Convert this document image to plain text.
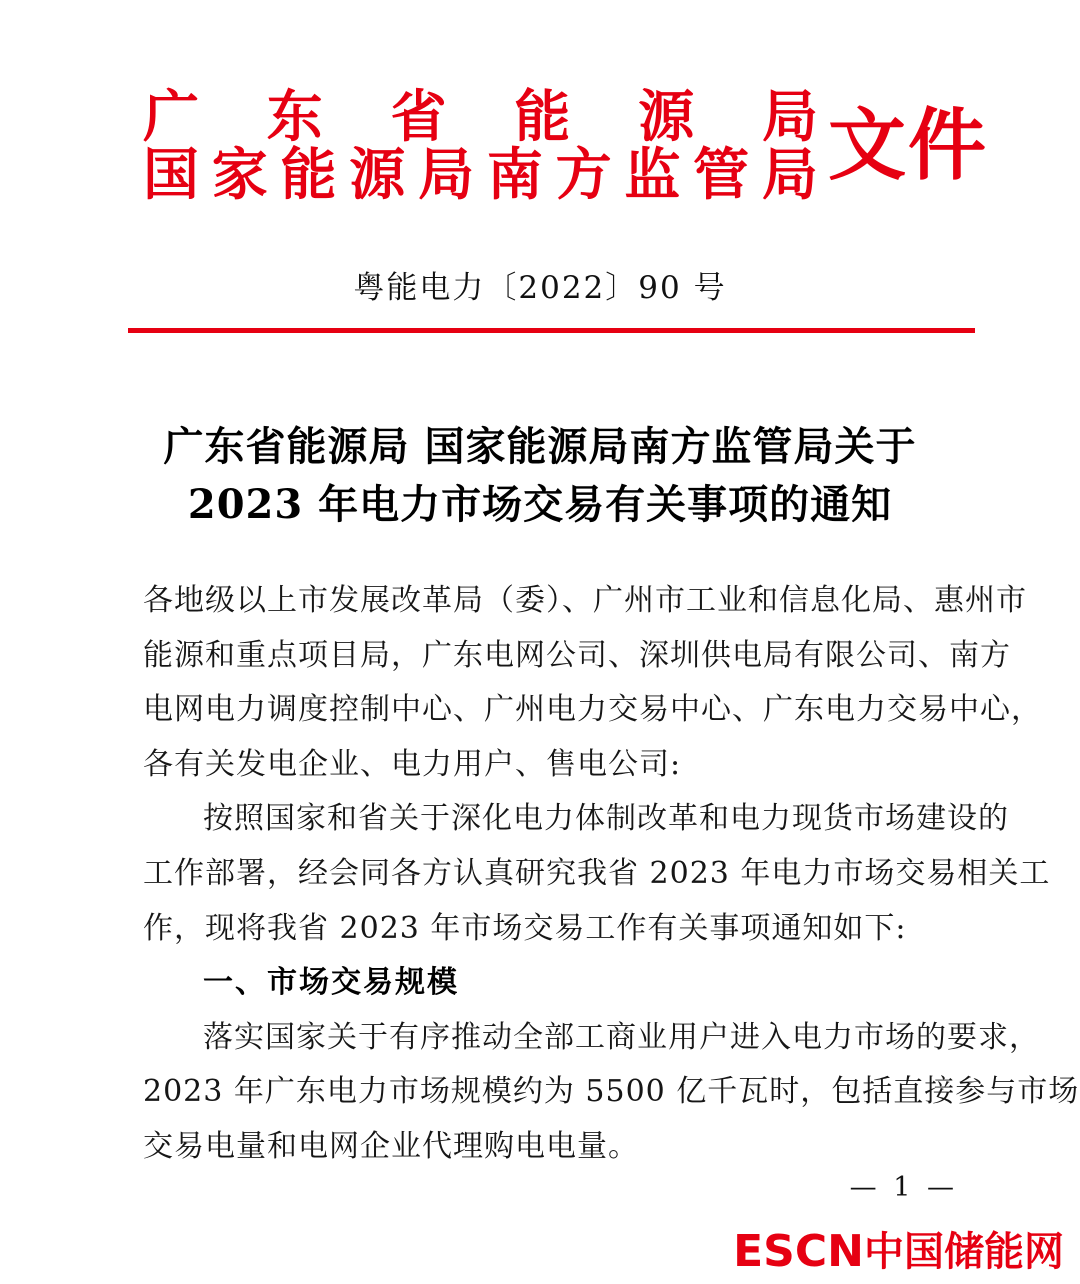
广 东 省 能 源 局
国 家 能 源 局 南 方 监 管 局 文件
粤能电力〔2022〕90 号
广东省能源局 国家能源局南方监管局关于
2023 年电力市场交易有关事项的通知
各地级以上市发展改革局（委）、广州市工业和信息化局、惠州市
能源和重点项目局，广东电网公司、深圳供电局有限公司、南方
电网电力调度控制中心、广州电力交易中心、广东电力交易中心，
各有关发电企业、电力用户、售电公司:
按照国家和省关于深化电力体制改革和电力现货市场建设的
工作部署，经会同各方认真研究我省 2023 年电力市场交易相关工
作，现将我省 2023 年市场交易工作有关事项通知如下:
一、市场交易规模
落实国家关于有序推动全部工商业用户进入电力市场的要求，
2023 年广东电力市场规模约为 5500 亿千瓦时，包括直接参与市场
交易电量和电网企业代理购电电量。
— 1 —
ESCN 中国储能网
